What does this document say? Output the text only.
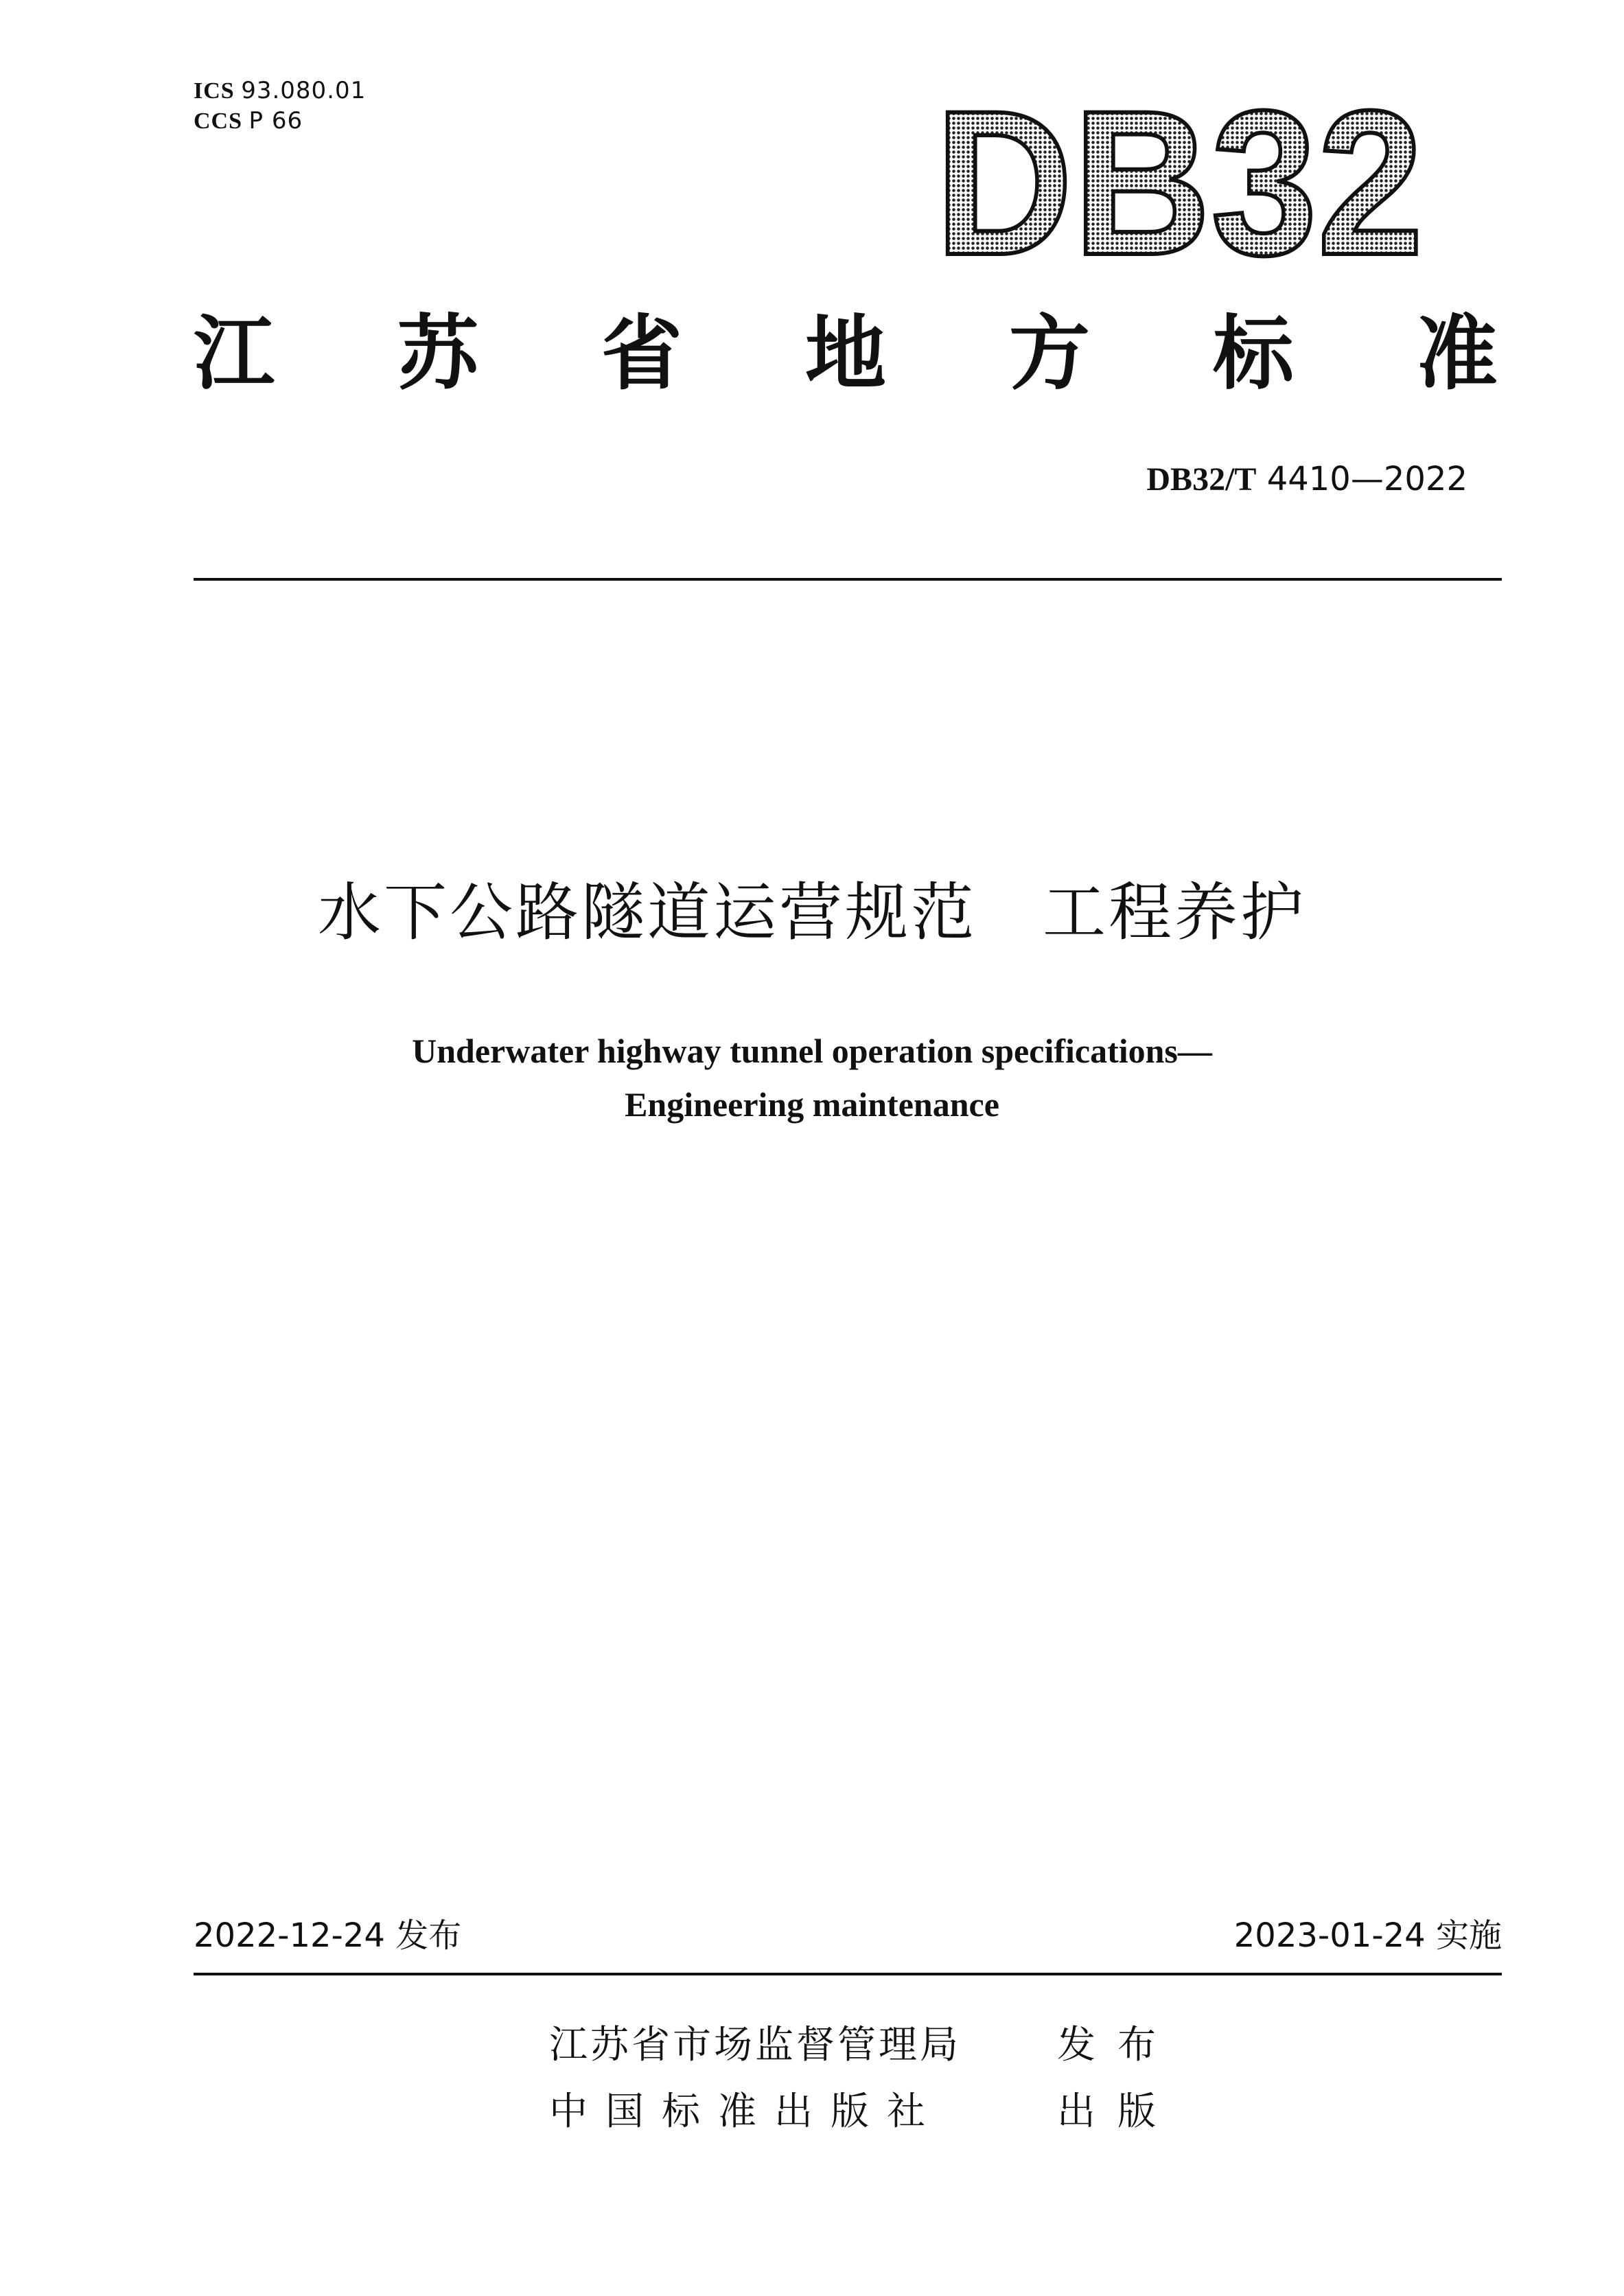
ICS 93.080.01
CCS P 66	DB32
江 苏 省 地 方 标 准
DB32/T 4410—2022
水下公路隧道运营规范　工程养护
Underwater highway tunnel operation specifications—
Engineering maintenance
2022-12-24 发布	2023-01-24 实施
江苏省市场监督管理局	发布
中国标准出版社	出版
